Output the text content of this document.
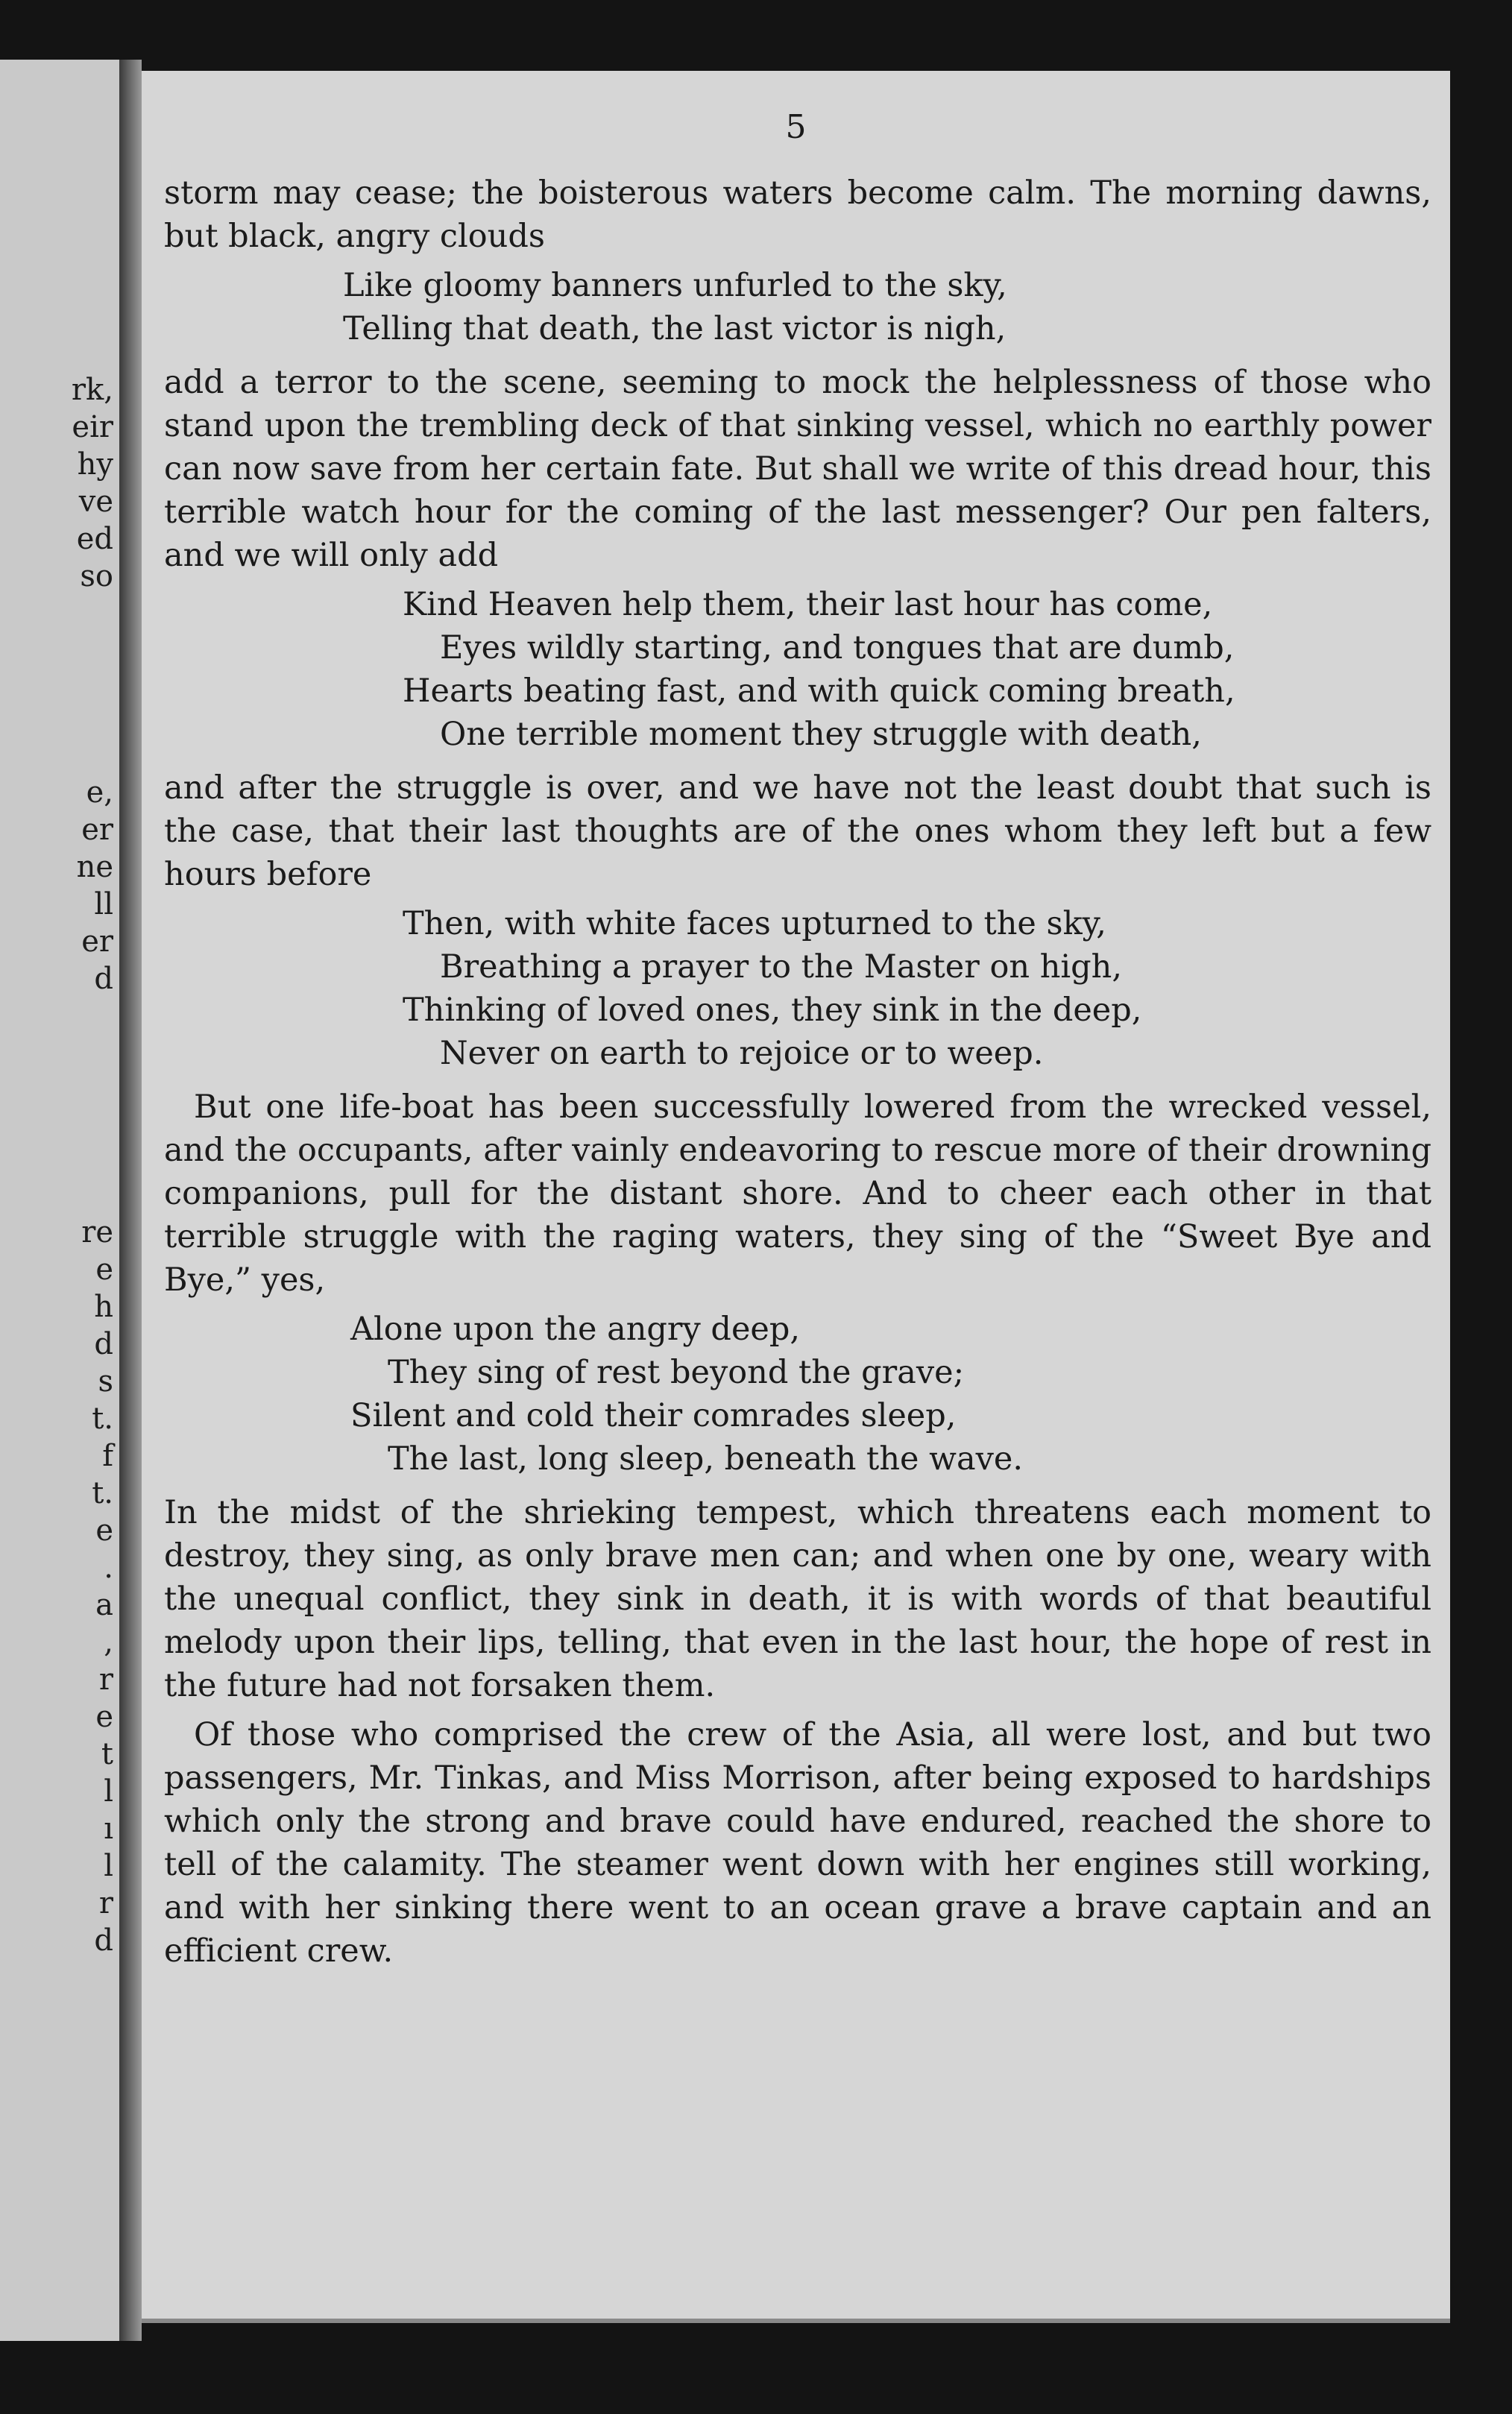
rk,
eir
hy
ve
ed
so
e,
er
ne
ll
er
d
re
e
h
d
s
t.
f
t.
e
.
a
,
r
e
t
l
ı
l
r
d
5

storm may cease; the boisterous waters become calm. The morning dawns, but black, angry clouds

Like gloomy banners unfurled to the sky,
Telling that death, the last victor is nigh,

add a terror to the scene, seeming to mock the helplessness of those who stand upon the trembling deck of that sinking vessel, which no earthly power can now save from her certain fate. But shall we write of this dread hour, this terrible watch hour for the coming of the last messenger? Our pen falters, and we will only add

Kind Heaven help them, their last hour has come,
Eyes wildly starting, and tongues that are dumb,
Hearts beating fast, and with quick coming breath,
One terrible moment they struggle with death,

and after the struggle is over, and we have not the least doubt that such is the case, that their last thoughts are of the ones whom they left but a few hours before

Then, with white faces upturned to the sky,
Breathing a prayer to the Master on high,
Thinking of loved ones, they sink in the deep,
Never on earth to rejoice or to weep.

But one life-boat has been successfully lowered from the wrecked vessel, and the occupants, after vainly endeavoring to rescue more of their drowning companions, pull for the distant shore. And to cheer each other in that terrible struggle with the raging waters, they sing of the “Sweet Bye and Bye,” yes,

Alone upon the angry deep,
They sing of rest beyond the grave;
Silent and cold their comrades sleep,
The last, long sleep, beneath the wave.

In the midst of the shrieking tempest, which threatens each moment to destroy, they sing, as only brave men can; and when one by one, weary with the unequal conflict, they sink in death, it is with words of that beautiful melody upon their lips, telling, that even in the last hour, the hope of rest in the future had not forsaken them.

Of those who comprised the crew of the Asia, all were lost, and but two passengers, Mr. Tinkas, and Miss Morrison, after being exposed to hardships which only the strong and brave could have endured, reached the shore to tell of the calamity. The steamer went down with her engines still working, and with her sinking there went to an ocean grave a brave captain and an efficient crew.
